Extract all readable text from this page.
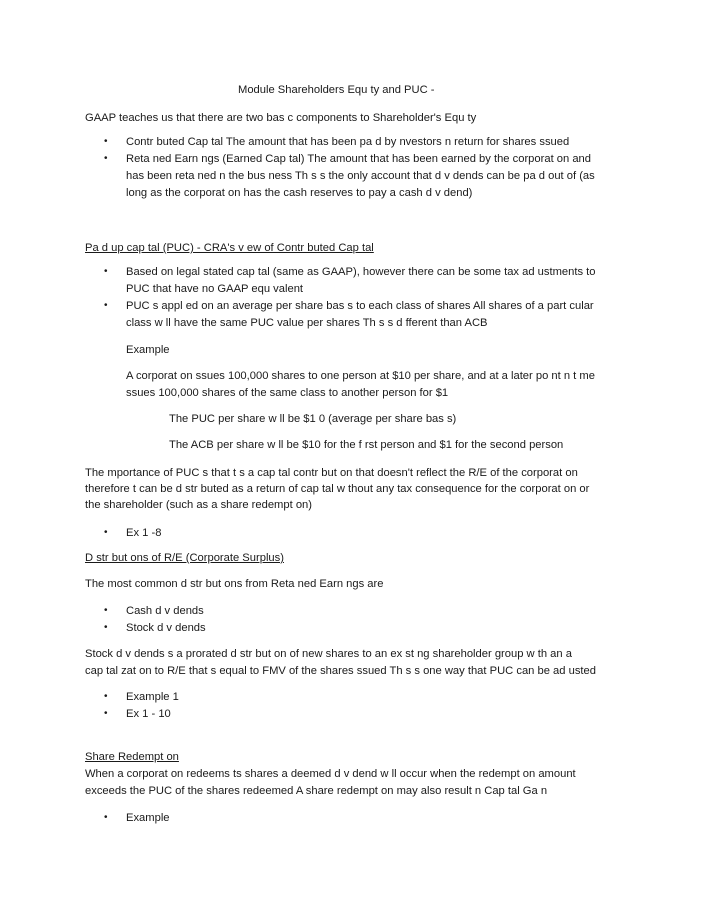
Module Shareholders Equ ty and PUC -
GAAP teaches us that there are two bas c components to Shareholder's Equ ty
• Contr buted Cap tal The amount that has been pa d by nvestors n return for shares ssued
• Reta ned Earn ngs (Earned Cap tal) The amount that has been earned by the corporat on and
has been reta ned n the bus ness Th s s the only account that d v dends can be pa d out of (as
long as the corporat on has the cash reserves to pay a cash d v dend)
Pa d up cap tal (PUC) - CRA's v ew of Contr buted Cap tal
• Based on legal stated cap tal (same as GAAP), however there can be some tax ad ustments to
PUC that have no GAAP equ valent
• PUC s appl ed on an average per share bas s to each class of shares All shares of a part cular
class w ll have the same PUC value per shares Th s s d fferent than ACB
Example
A corporat on ssues 100,000 shares to one person at $10 per share, and at a later po nt n t me
ssues 100,000 shares of the same class to another person for $1
The PUC per share w ll be $1 0 (average per share bas s)
The ACB per share w ll be $10 for the f rst person and $1 for the second person
The mportance of PUC s that t s a cap tal contr but on that doesn't reflect the R/E of the corporat on
therefore t can be d str buted as a return of cap tal w thout any tax consequence for the corporat on or
the shareholder (such as a share redempt on)
• Ex 1 -8
D str but ons of R/E (Corporate Surplus)
The most common d str but ons from Reta ned Earn ngs are
• Cash d v dends
• Stock d v dends
Stock d v dends s a prorated d str but on of new shares to an ex st ng shareholder group w th an a
cap tal zat on to R/E that s equal to FMV of the shares ssued Th s s one way that PUC can be ad usted
• Example 1
• Ex 1 - 10
Share Redempt on
When a corporat on redeems ts shares a deemed d v dend w ll occur when the redempt on amount
exceeds the PUC of the shares redeemed A share redempt on may also result n Cap tal Ga n
• Example
